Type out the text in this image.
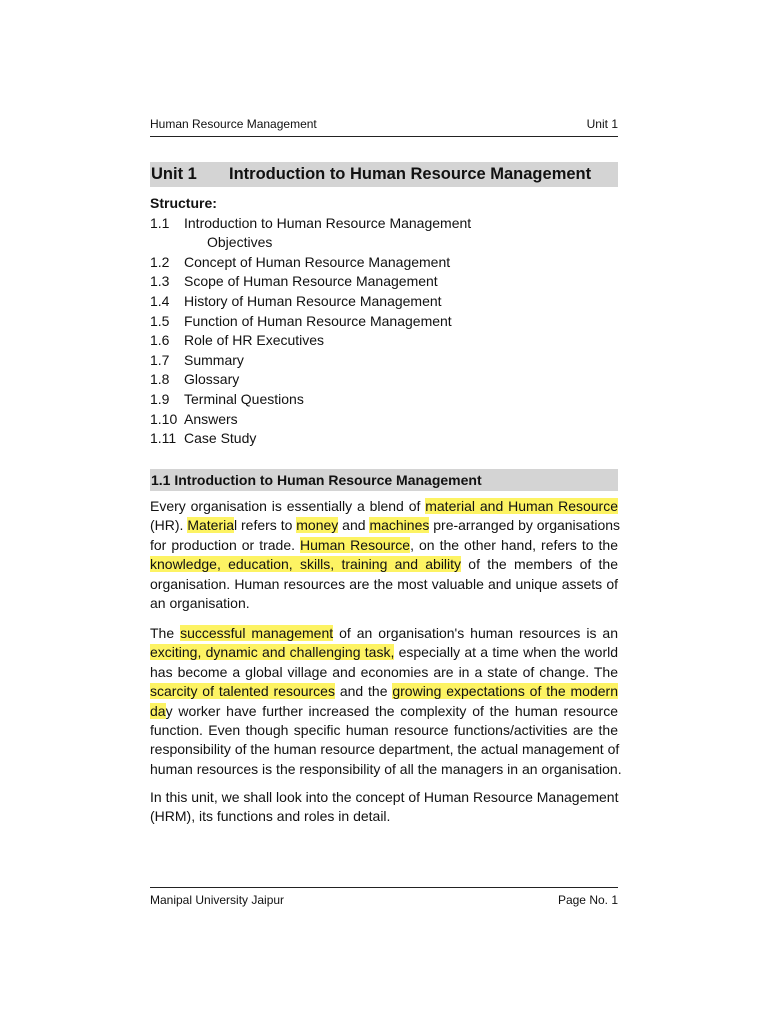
Human Resource Management	Unit 1
Unit 1	Introduction to Human Resource Management
Structure:
1.1	Introduction to Human Resource Management
Objectives
1.2	Concept of Human Resource Management
1.3	Scope of Human Resource Management
1.4	History of Human Resource Management
1.5	Function of Human Resource Management
1.6	Role of HR Executives
1.7	Summary
1.8	Glossary
1.9	Terminal Questions
1.10 Answers
1.11 Case Study
1.1 Introduction to Human Resource Management
Every organisation is essentially a blend of material and Human Resource
(HR). Material refers to money and machines pre-arranged by organisations
for production or trade. Human Resource, on the other hand, refers to the
knowledge, education, skills, training and ability of the members of the
organisation. Human resources are the most valuable and unique assets of
an organisation.
The successful management of an organisation's human resources is an
exciting, dynamic and challenging task, especially at a time when the world
has become a global village and economies are in a state of change. The
scarcity of talented resources and the growing expectations of the modern
day worker have further increased the complexity of the human resource
function. Even though specific human resource functions/activities are the
responsibility of the human resource department, the actual management of
human resources is the responsibility of all the managers in an organisation.
In this unit, we shall look into the concept of Human Resource Management
(HRM), its functions and roles in detail.
Manipal University Jaipur	Page No. 1
